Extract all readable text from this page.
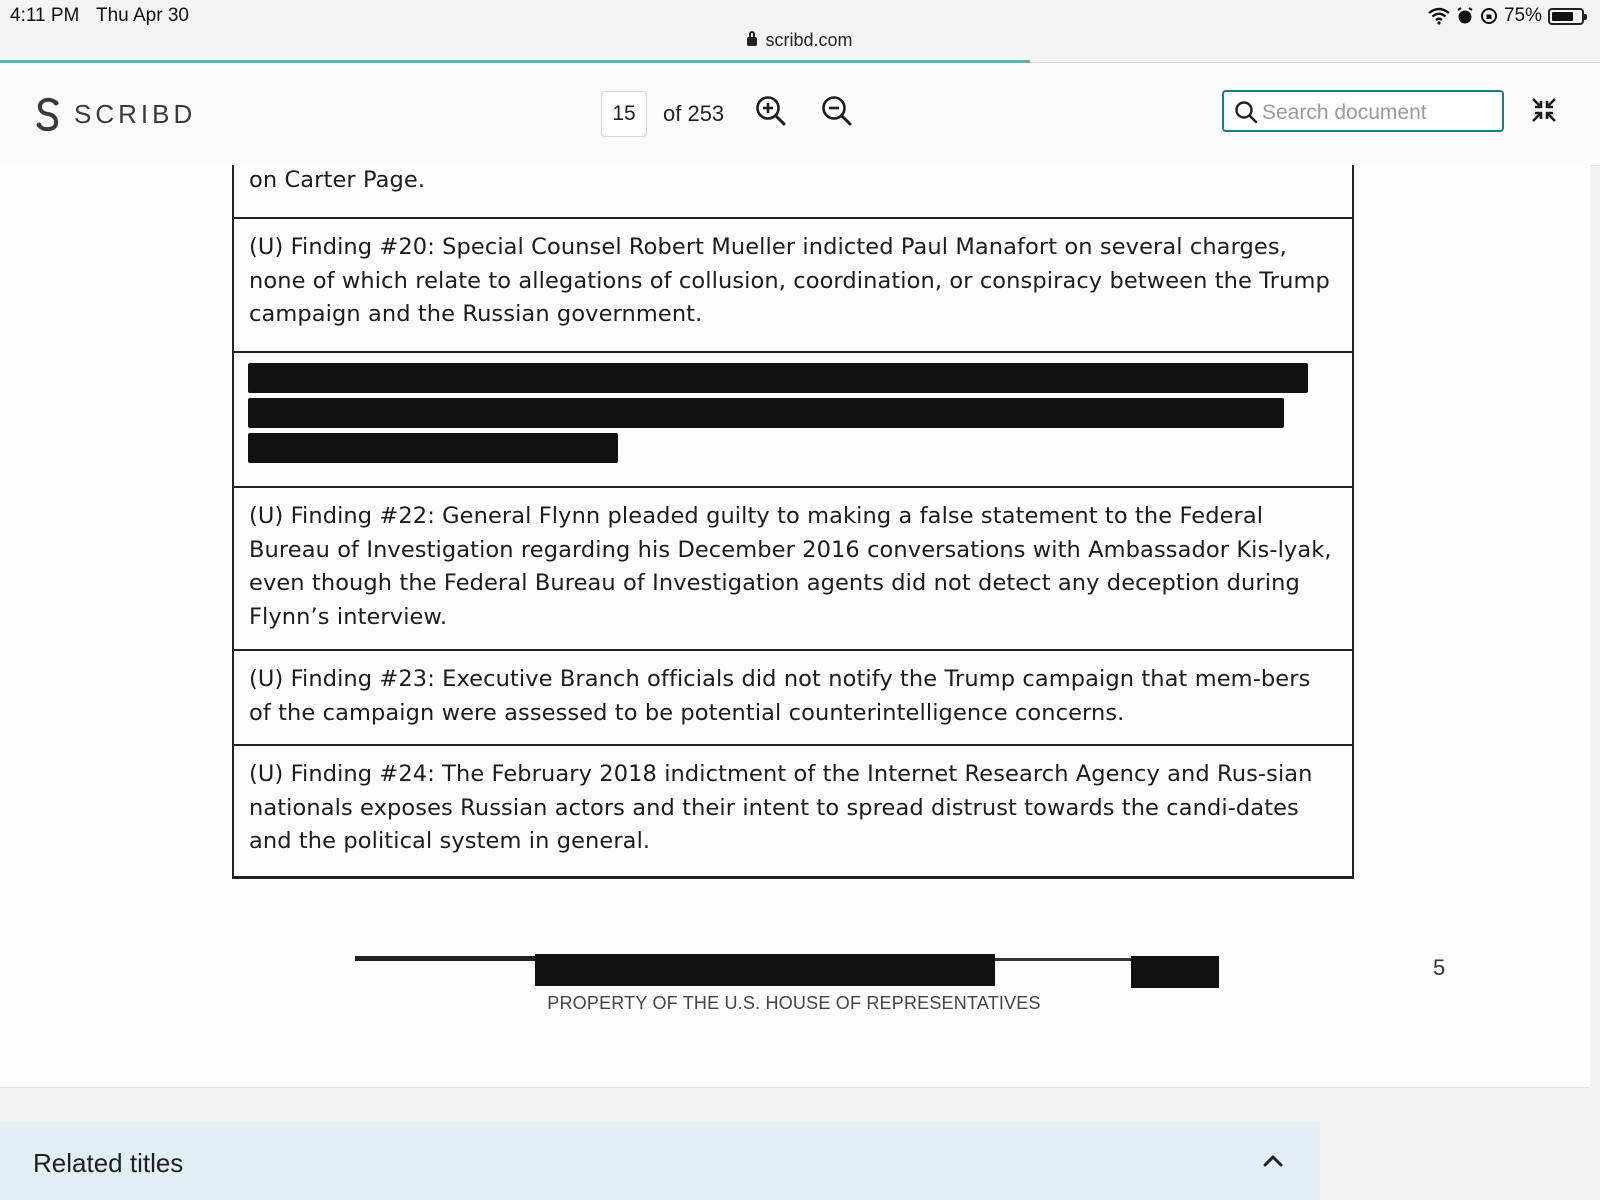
4:11 PM Thu Apr 30	75%
scribd.com
SCRIBD	15	of 253	Search document
on Carter Page.
(U) Finding #20: Special Counsel Robert Mueller indicted Paul Manafort on several charges, none of which relate to allegations of collusion, coordination, or conspiracy between the Trump campaign and the Russian government.
(U) Finding #22: General Flynn pleaded guilty to making a false statement to the Federal Bureau of Investigation regarding his December 2016 conversations with Ambassador Kis-lyak, even though the Federal Bureau of Investigation agents did not detect any deception during Flynn’s interview.
(U) Finding #23: Executive Branch officials did not notify the Trump campaign that mem-bers of the campaign were assessed to be potential counterintelligence concerns.
(U) Finding #24: The February 2018 indictment of the Internet Research Agency and Rus-sian nationals exposes Russian actors and their intent to spread distrust towards the candi-dates and the political system in general.
PROPERTY OF THE U.S. HOUSE OF REPRESENTATIVES
5
Related titles
